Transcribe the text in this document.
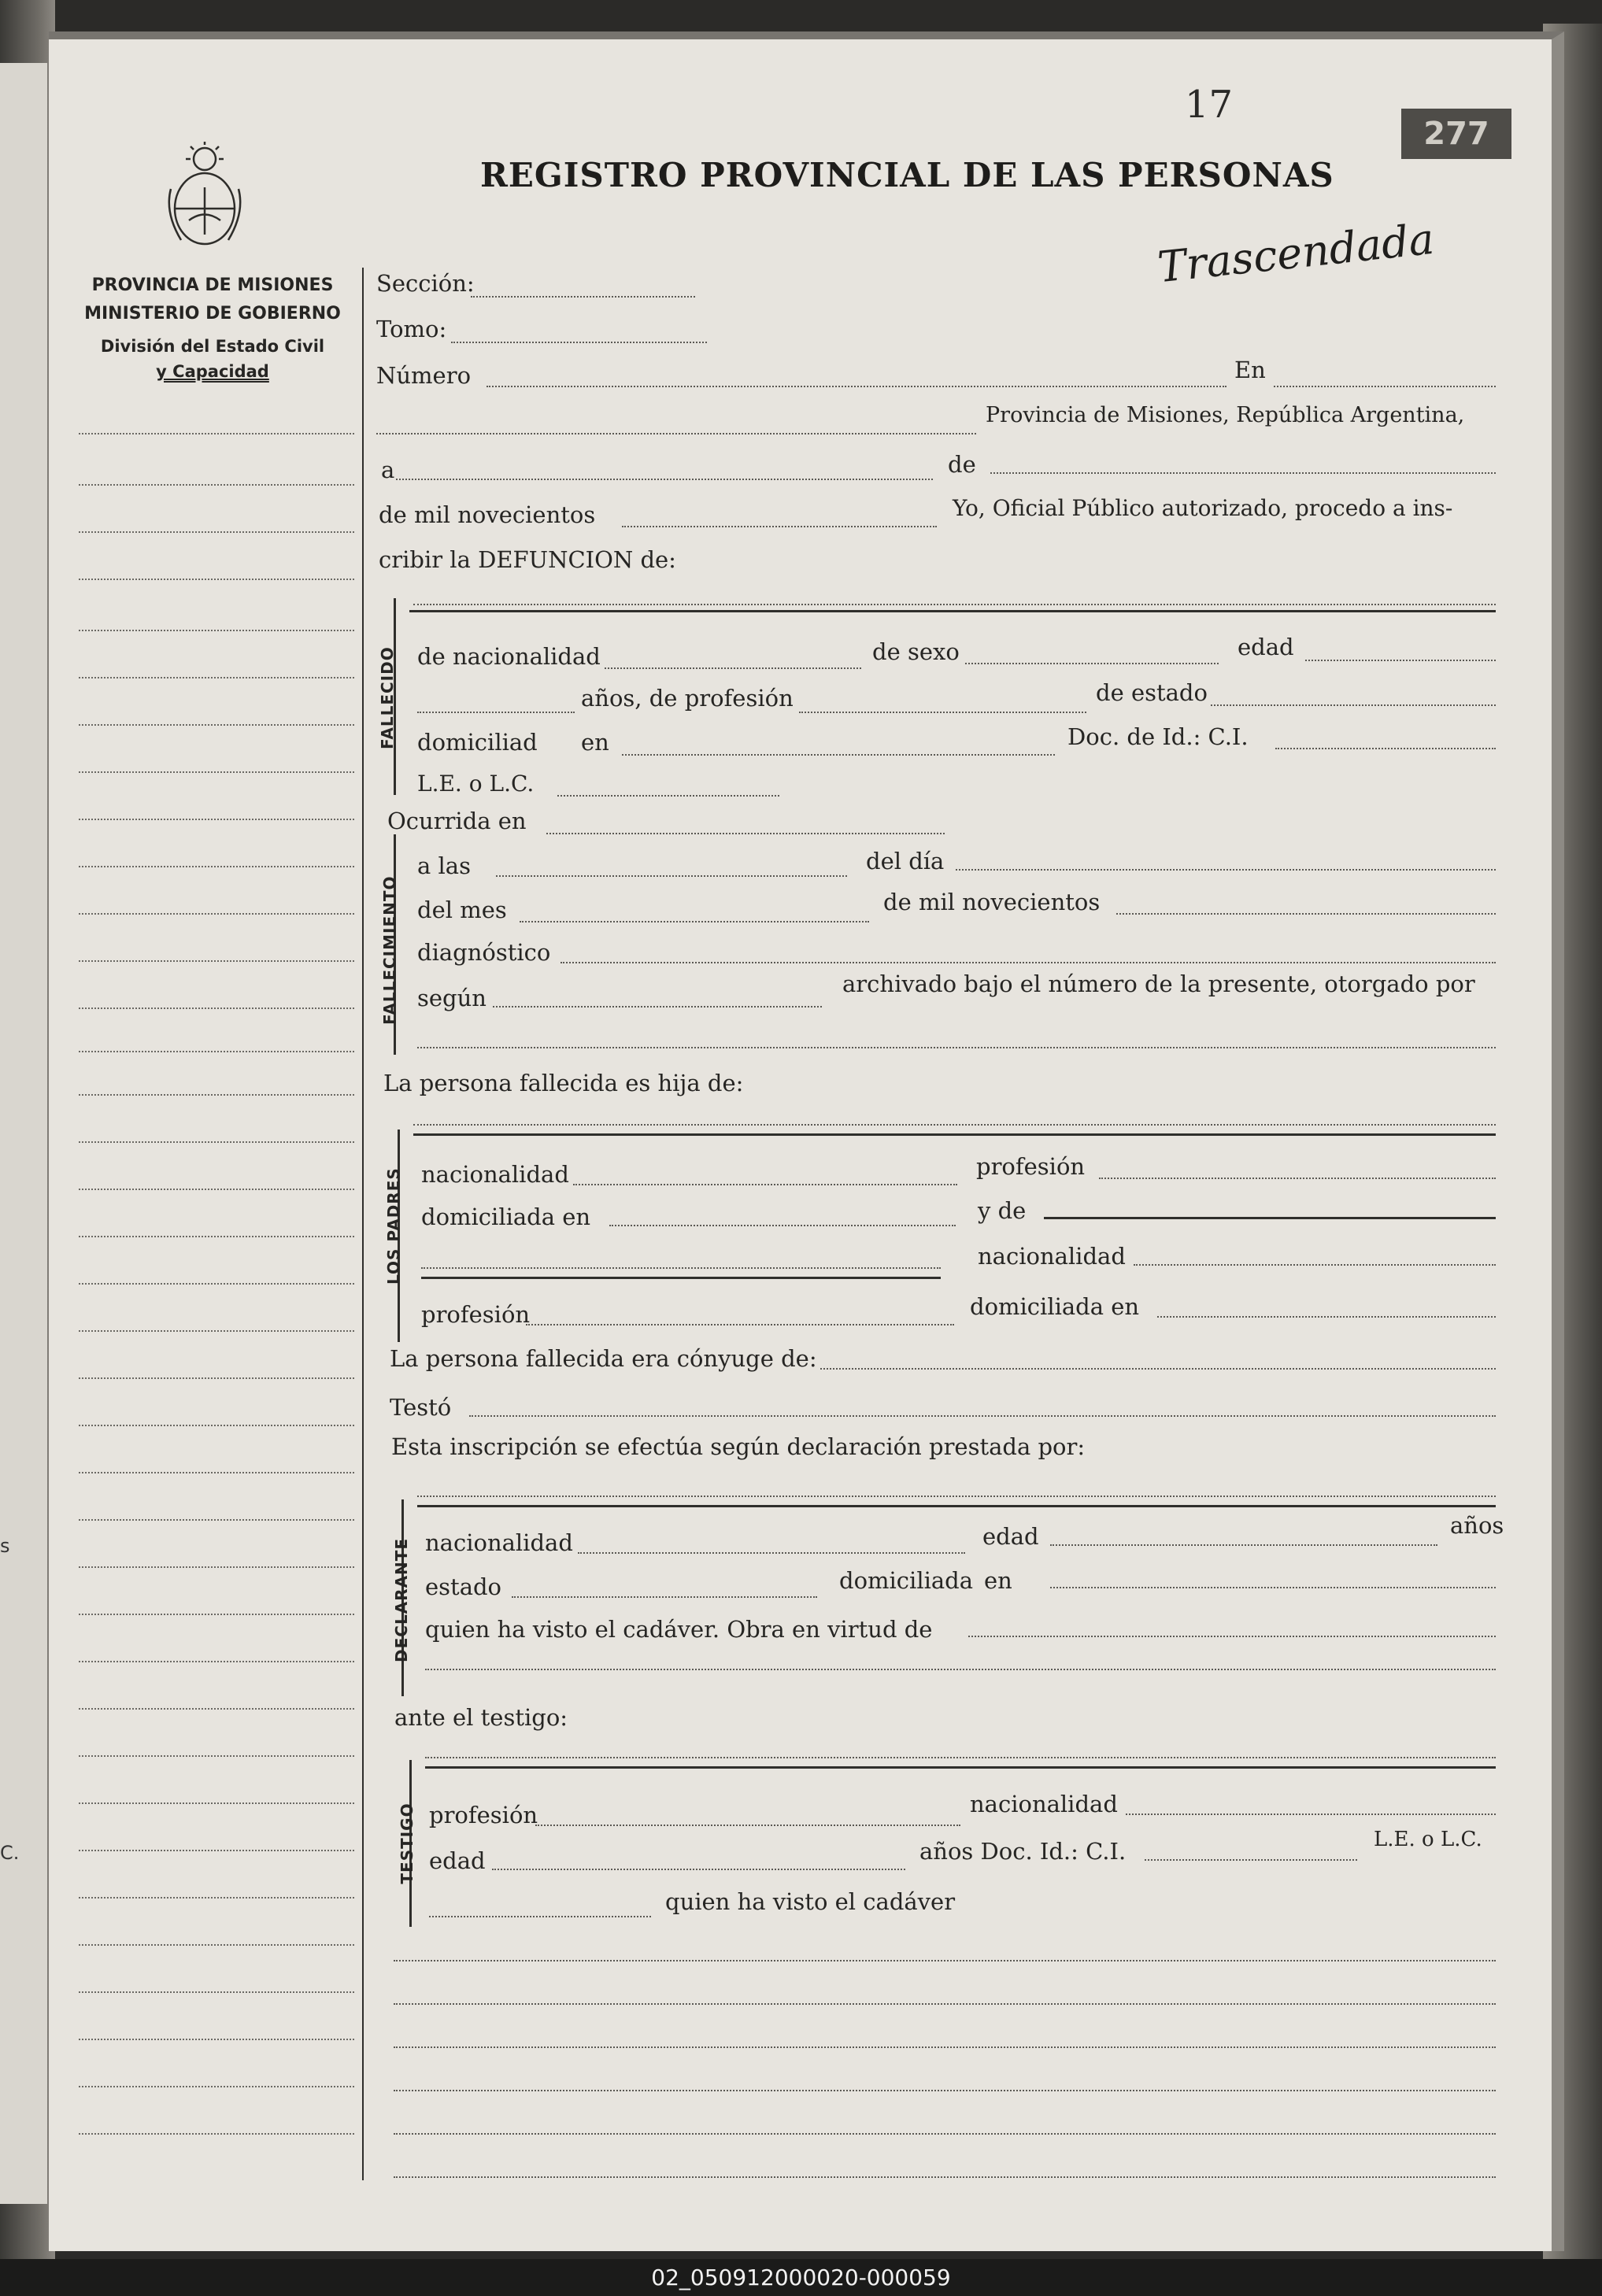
s
C.
PROVINCIA DE MISIONES
MINISTERIO DE GOBIERNO
División del Estado Civil
y Capacidad
17
277
REGISTRO PROVINCIAL DE LAS PERSONAS
Trascendada
Sección:
Tomo:
Número	En
Provincia de Misiones, República Argentina,
a	de
de mil novecientos	Yo, Oficial Público autorizado, procedo a ins-
cribir la DEFUNCION de:
FALLECIDO de nacionalidad	de sexo	edad
años, de profesión	de estado
domiciliad en	Doc. de Id.: C.I.
L.E. o L.C.
Ocurrida en
FALLECIMIENTO
a las	del día
del mes	de mil novecientos
diagnóstico
según
archivado bajo el número de la presente, otorgado por
La persona fallecida es hija de:
LOS PADRES nacionalidad	profesión
domiciliada en	y de
nacionalidad
profesión	domiciliada en
La persona fallecida era cónyuge de:
Testó
Esta inscripción se efectúa según declaración prestada por:
DECLARANTE nacionalidad	edad	años
estado	domiciliada en
quien ha visto el cadáver. Obra en virtud de
ante el testigo:
TESTIGO profesión	nacionalidad
edad	años Doc. Id.: C.I.	L.E. o L.C.
quien ha visto el cadáver
02_050912000020-000059
